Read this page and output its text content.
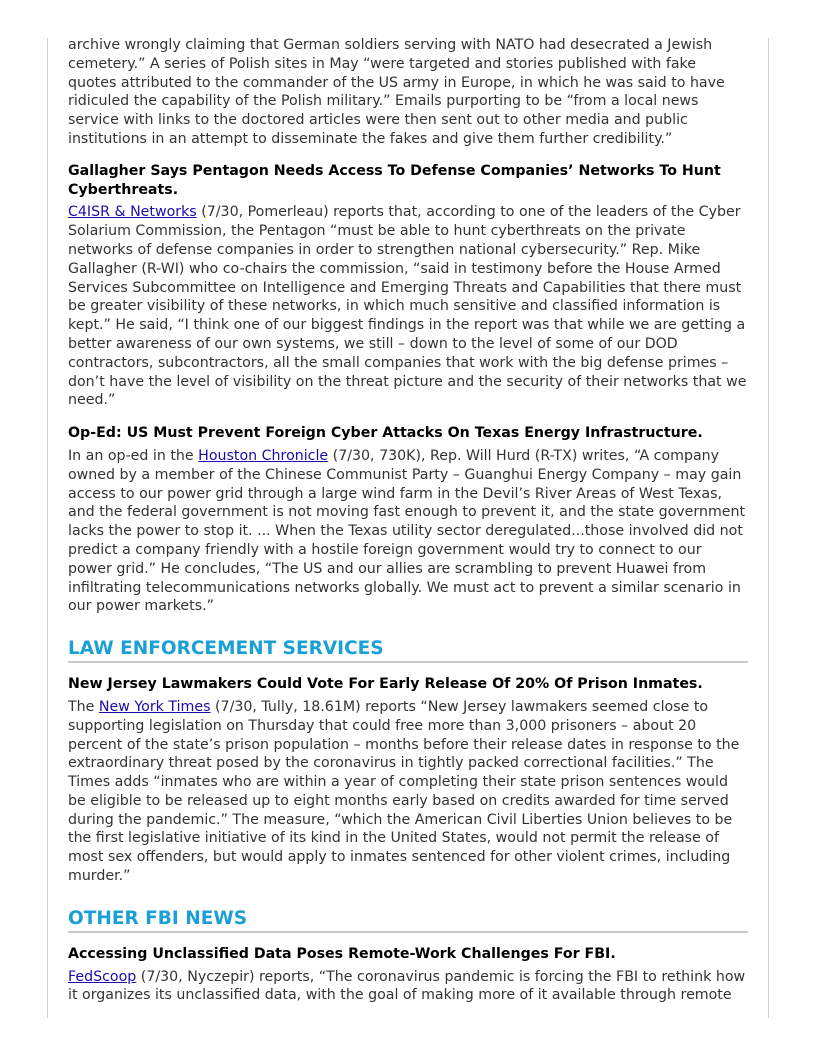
archive wrongly claiming that German soldiers serving with NATO had desecrated a Jewish cemetery.” A series of Polish sites in May “were targeted and stories published with fake quotes attributed to the commander of the US army in Europe, in which he was said to have ridiculed the capability of the Polish military.” Emails purporting to be “from a local news service with links to the doctored articles were then sent out to other media and public institutions in an attempt to disseminate the fakes and give them further credibility.”

Gallagher Says Pentagon Needs Access To Defense Companies’ Networks To Hunt Cyberthreats.

C4ISR & Networks (7/30, Pomerleau) reports that, according to one of the leaders of the Cyber Solarium Commission, the Pentagon “must be able to hunt cyberthreats on the private networks of defense companies in order to strengthen national cybersecurity.” Rep. Mike Gallagher (R-WI) who co-chairs the commission, “said in testimony before the House Armed Services Subcommittee on Intelligence and Emerging Threats and Capabilities that there must be greater visibility of these networks, in which much sensitive and classified information is kept.” He said, “I think one of our biggest findings in the report was that while we are getting a better awareness of our own systems, we still – down to the level of some of our DOD contractors, subcontractors, all the small companies that work with the big defense primes – don’t have the level of visibility on the threat picture and the security of their networks that we need.”

Op-Ed: US Must Prevent Foreign Cyber Attacks On Texas Energy Infrastructure.

In an op-ed in the Houston Chronicle (7/30, 730K), Rep. Will Hurd (R-TX) writes, “A company owned by a member of the Chinese Communist Party – Guanghui Energy Company – may gain access to our power grid through a large wind farm in the Devil’s River Areas of West Texas, and the federal government is not moving fast enough to prevent it, and the state government lacks the power to stop it. ... When the Texas utility sector deregulated...those involved did not predict a company friendly with a hostile foreign government would try to connect to our power grid.” He concludes, “The US and our allies are scrambling to prevent Huawei from infiltrating telecommunications networks globally. We must act to prevent a similar scenario in our power markets.”

LAW ENFORCEMENT SERVICES
New Jersey Lawmakers Could Vote For Early Release Of 20% Of Prison Inmates.

The New York Times (7/30, Tully, 18.61M) reports “New Jersey lawmakers seemed close to supporting legislation on Thursday that could free more than 3,000 prisoners – about 20 percent of the state’s prison population – months before their release dates in response to the extraordinary threat posed by the coronavirus in tightly packed correctional facilities.” The Times adds “inmates who are within a year of completing their state prison sentences would be eligible to be released up to eight months early based on credits awarded for time served during the pandemic.” The measure, “which the American Civil Liberties Union believes to be the first legislative initiative of its kind in the United States, would not permit the release of most sex offenders, but would apply to inmates sentenced for other violent crimes, including murder.”

OTHER FBI NEWS
Accessing Unclassified Data Poses Remote-Work Challenges For FBI.

FedScoop (7/30, Nyczepir) reports, “The coronavirus pandemic is forcing the FBI to rethink how it organizes its unclassified data, with the goal of making more of it available through remote
